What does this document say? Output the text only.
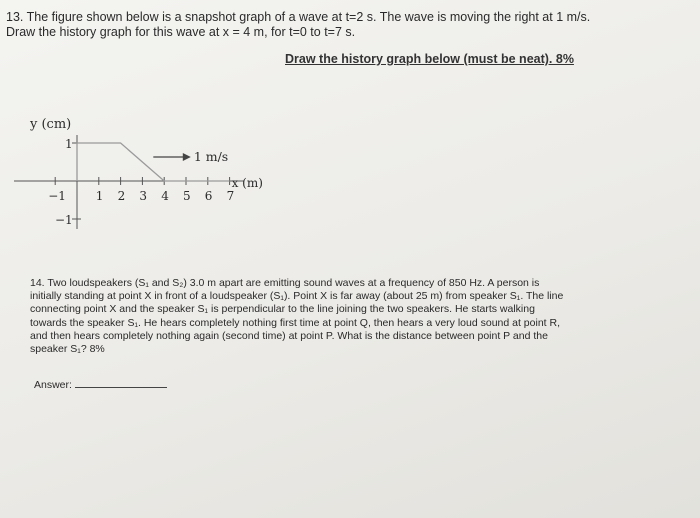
13. The figure shown below is a snapshot graph of a wave at t=2 s. The wave is moving the right at 1 m/s.
Draw the history graph for this wave at x = 4 m, for t=0 to t=7 s.
Draw the history graph below (must be neat). 8%
y (cm)
1 m/s
x (m)
1 2 3 4 5 6 7
−1
1
−1
14. Two loudspeakers (S₁ and S₂) 3.0 m apart are emitting sound waves at a frequency of 850 Hz. A person is
initially standing at point X in front of a loudspeaker (S₁). Point X is far away (about 25 m) from speaker S₁. The line
connecting point X and the speaker S₁ is perpendicular to the line joining the two speakers. He starts walking
towards the speaker S₁. He hears completely nothing first time at point Q, then hears a very loud sound at point R,
and then hears completely nothing again (second time) at point P. What is the distance between point P and the
speaker S₁? 8%
Answer:
